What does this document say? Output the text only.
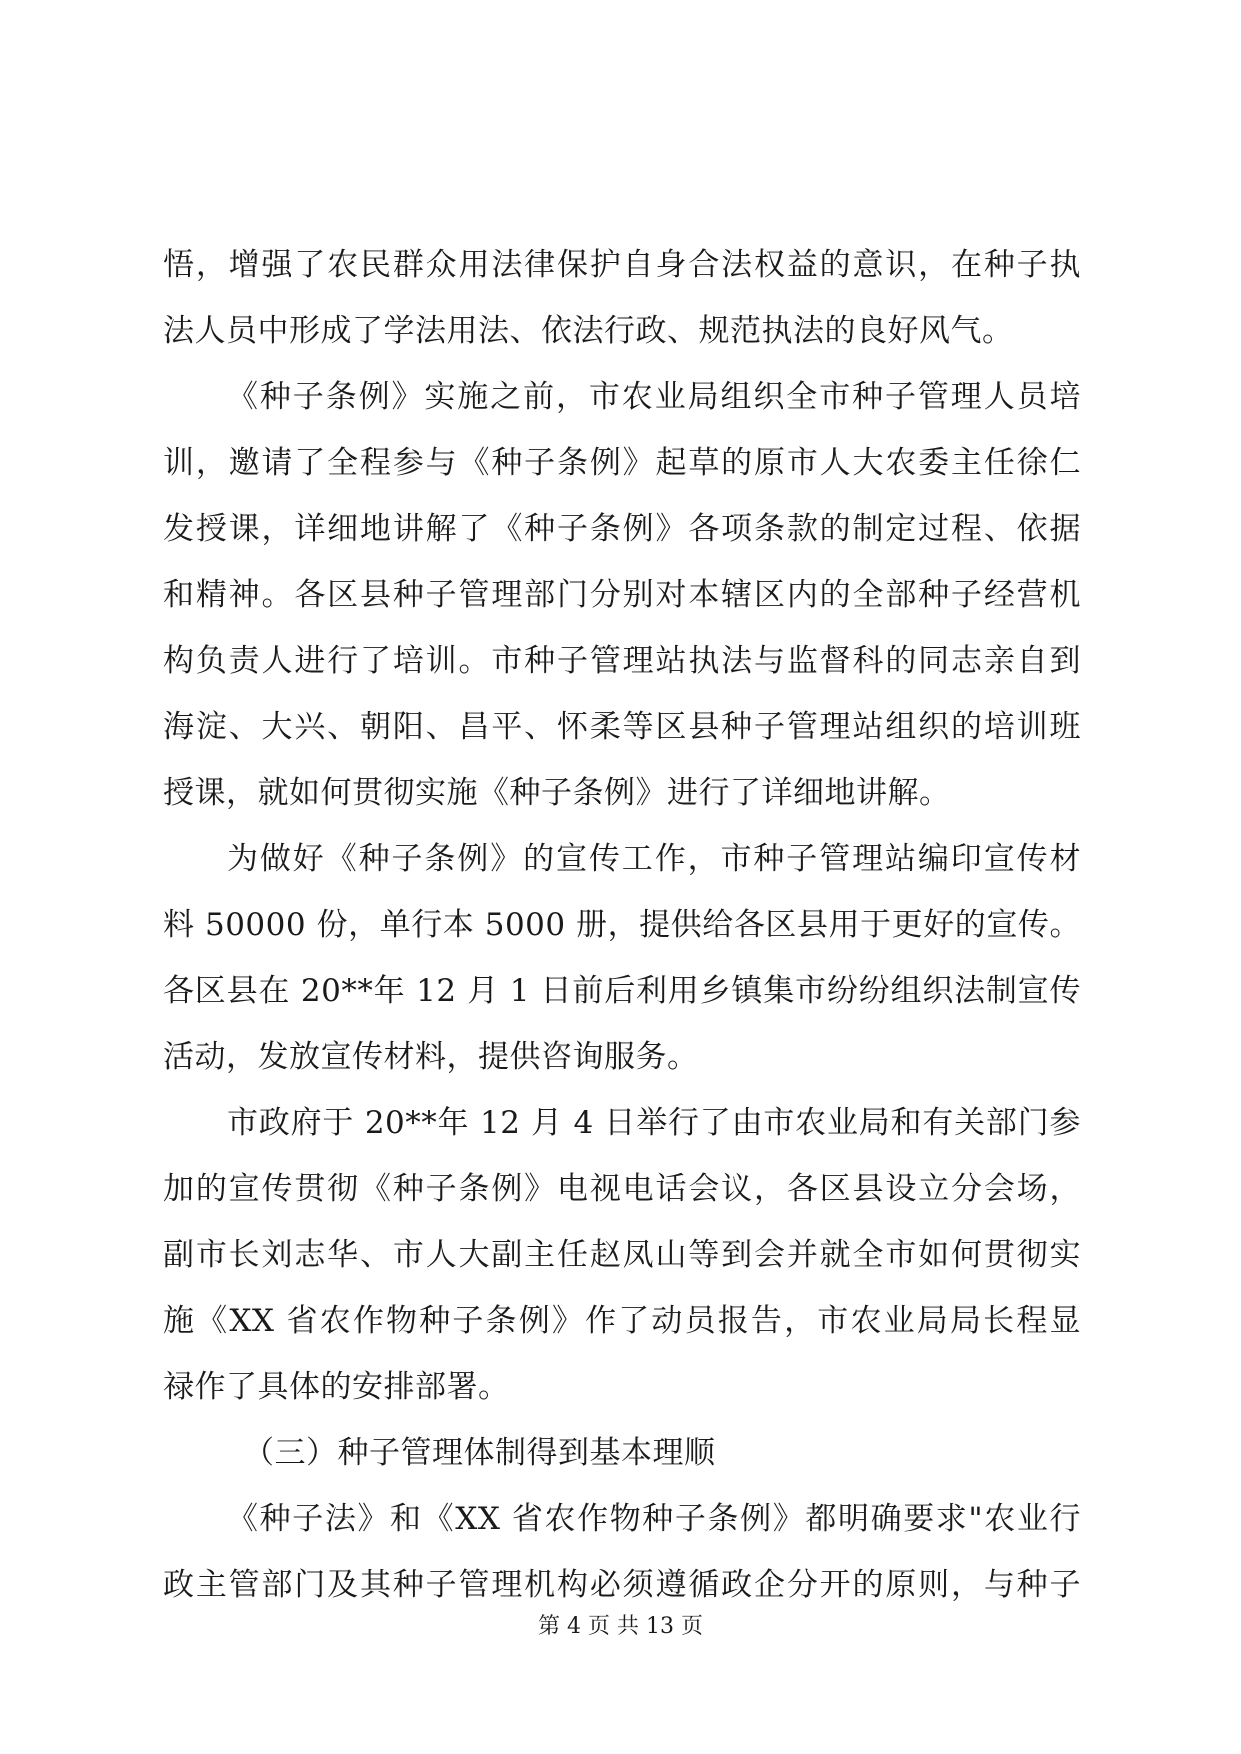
悟，增强了农民群众用法律保护自身合法权益的意识，在种子执
法人员中形成了学法用法、依法行政、规范执法的良好风气。
《种子条例》实施之前，市农业局组织全市种子管理人员培
训，邀请了全程参与《种子条例》起草的原市人大农委主任徐仁
发授课，详细地讲解了《种子条例》各项条款的制定过程、依据
和精神。各区县种子管理部门分别对本辖区内的全部种子经营机
构负责人进行了培训。市种子管理站执法与监督科的同志亲自到
海淀、大兴、朝阳、昌平、怀柔等区县种子管理站组织的培训班
授课，就如何贯彻实施《种子条例》进行了详细地讲解。
为做好《种子条例》的宣传工作，市种子管理站编印宣传材
料 50000 份，单行本 5000 册，提供给各区县用于更好的宣传。
各区县在 20**年 12 月 1 日前后利用乡镇集市纷纷组织法制宣传
活动，发放宣传材料，提供咨询服务。
市政府于 20**年 12 月 4 日举行了由市农业局和有关部门参
加的宣传贯彻《种子条例》电视电话会议，各区县设立分会场，
副市长刘志华、市人大副主任赵凤山等到会并就全市如何贯彻实
施《XX 省农作物种子条例》作了动员报告，市农业局局长程显
禄作了具体的安排部署。
（三）种子管理体制得到基本理顺
《种子法》和《XX 省农作物种子条例》都明确要求"农业行
政主管部门及其种子管理机构必须遵循政企分开的原则，与种子
第 4 页 共 13 页
